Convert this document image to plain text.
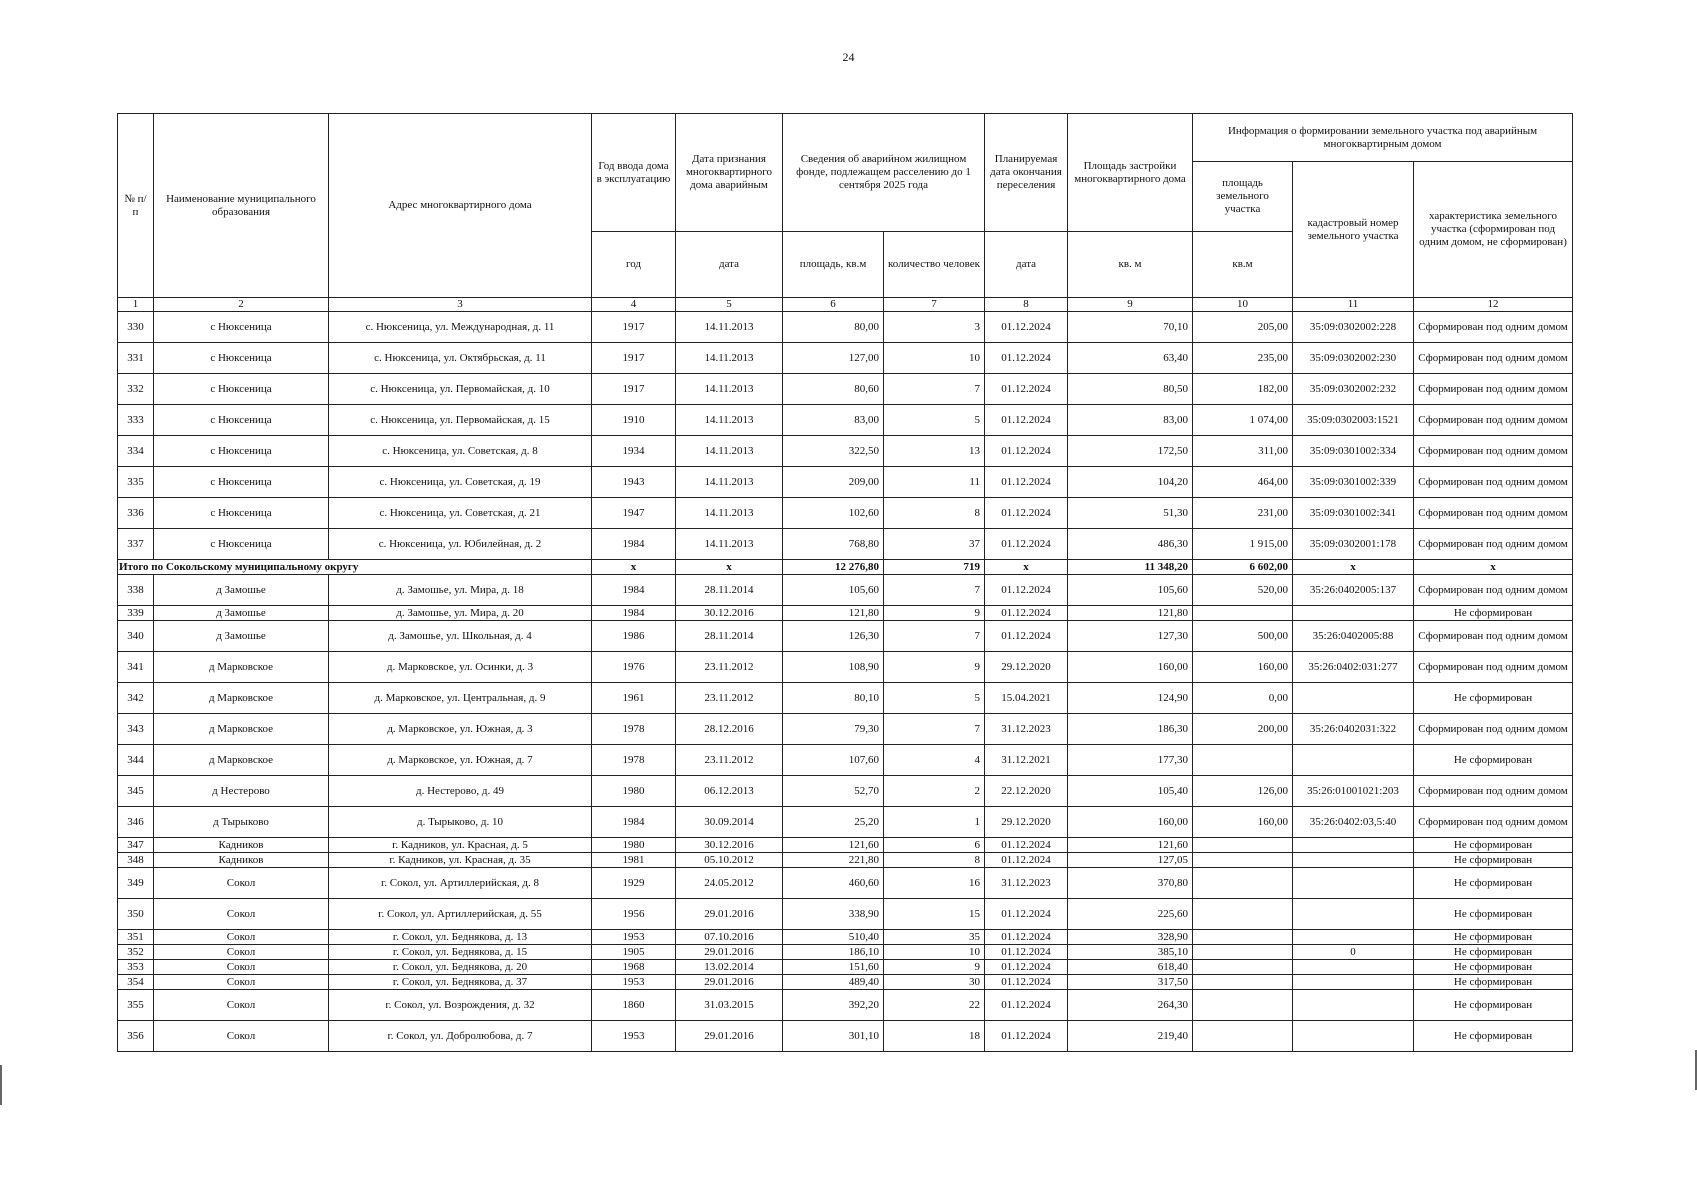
24
№ п/п	Наименование муниципального образования	Адрес многоквартирного дома	Год ввода дома в эксплуатацию	Дата признания многоквартирного дома аварийным	Сведения об аварийном жилищном фонде, подлежащем расселению до 1 сентября 2025 года		Планируемая дата окончания переселения	Площадь застройки многоквартирного дома	Информация о формировании земельного участка под аварийным многоквартирным домом		
									площадь земельного участка	кадастровый номер земельного участка	характеристика земельного участка (сформирован под одним домом, не сформирован)
			год	дата	площадь, кв.м	количество человек	дата	кв. м	кв.м		
1	2	3	4	5	6	7	8	9	10	11	12
330	с Нюксеница	с. Нюксеница, ул. Международная, д. 11	1917	14.11.2013	80,00	3	01.12.2024	70,10	205,00	35:09:0302002:228	Сформирован под одним домом
331	с Нюксеница	с. Нюксеница, ул. Октябрьская, д. 11	1917	14.11.2013	127,00	10	01.12.2024	63,40	235,00	35:09:0302002:230	Сформирован под одним домом
332	с Нюксеница	с. Нюксеница, ул. Первомайская, д. 10	1917	14.11.2013	80,60	7	01.12.2024	80,50	182,00	35:09:0302002:232	Сформирован под одним домом
333	с Нюксеница	с. Нюксеница, ул. Первомайская, д. 15	1910	14.11.2013	83,00	5	01.12.2024	83,00	1 074,00	35:09:0302003:1521	Сформирован под одним домом
334	с Нюксеница	с. Нюксеница, ул. Советская, д. 8	1934	14.11.2013	322,50	13	01.12.2024	172,50	311,00	35:09:0301002:334	Сформирован под одним домом
335	с Нюксеница	с. Нюксеница, ул. Советская, д. 19	1943	14.11.2013	209,00	11	01.12.2024	104,20	464,00	35:09:0301002:339	Сформирован под одним домом
336	с Нюксеница	с. Нюксеница, ул. Советская, д. 21	1947	14.11.2013	102,60	8	01.12.2024	51,30	231,00	35:09:0301002:341	Сформирован под одним домом
337	с Нюксеница	с. Нюксеница, ул. Юбилейная, д. 2	1984	14.11.2013	768,80	37	01.12.2024	486,30	1 915,00	35:09:0302001:178	Сформирован под одним домом
Итого по Сокольскому муниципальному округу			x	x	12 276,80	719	x	11 348,20	6 602,00	x	x
338	д Замошье	д. Замошье, ул. Мира, д. 18	1984	28.11.2014	105,60	7	01.12.2024	105,60	520,00	35:26:0402005:137	Сформирован под одним домом
339	д Замошье	д. Замошье, ул. Мира, д. 20	1984	30.12.2016	121,80	9	01.12.2024	121,80			Не сформирован
340	д Замошье	д. Замошье, ул. Школьная, д. 4	1986	28.11.2014	126,30	7	01.12.2024	127,30	500,00	35:26:0402005:88	Сформирован под одним домом
341	д Марковское	д. Марковское, ул. Осинки, д. 3	1976	23.11.2012	108,90	9	29.12.2020	160,00	160,00	35:26:0402:031:277	Сформирован под одним домом
342	д Марковское	д. Марковское, ул. Центральная, д. 9	1961	23.11.2012	80,10	5	15.04.2021	124,90	0,00		Не сформирован
343	д Марковское	д. Марковское, ул. Южная, д. 3	1978	28.12.2016	79,30	7	31.12.2023	186,30	200,00	35:26:0402031:322	Сформирован под одним домом
344	д Марковское	д. Марковское, ул. Южная, д. 7	1978	23.11.2012	107,60	4	31.12.2021	177,30			Не сформирован
345	д Нестерово	д. Нестерово, д. 49	1980	06.12.2013	52,70	2	22.12.2020	105,40	126,00	35:26:01001021:203	Сформирован под одним домом
346	д Тырыково	д. Тырыково, д. 10	1984	30.09.2014	25,20	1	29.12.2020	160,00	160,00	35:26:0402:03,5:40	Сформирован под одним домом
347	Кадников	г. Кадников, ул. Красная, д. 5	1980	30.12.2016	121,60	6	01.12.2024	121,60			Не сформирован
348	Кадников	г. Кадников, ул. Красная, д. 35	1981	05.10.2012	221,80	8	01.12.2024	127,05			Не сформирован
349	Сокол	г. Сокол, ул. Артиллерийская, д. 8	1929	24.05.2012	460,60	16	31.12.2023	370,80			Не сформирован
350	Сокол	г. Сокол, ул. Артиллерийская, д. 55	1956	29.01.2016	338,90	15	01.12.2024	225,60			Не сформирован
351	Сокол	г. Сокол, ул. Беднякова, д. 13	1953	07.10.2016	510,40	35	01.12.2024	328,90			Не сформирован
352	Сокол	г. Сокол, ул. Беднякова, д. 15	1905	29.01.2016	186,10	10	01.12.2024	385,10		0	Не сформирован
353	Сокол	г. Сокол, ул. Беднякова, д. 20	1968	13.02.2014	151,60	9	01.12.2024	618,40			Не сформирован
354	Сокол	г. Сокол, ул. Беднякова, д. 37	1953	29.01.2016	489,40	30	01.12.2024	317,50			Не сформирован
355	Сокол	г. Сокол, ул. Возрождения, д. 32	1860	31.03.2015	392,20	22	01.12.2024	264,30			Не сформирован
356	Сокол	г. Сокол, ул. Добролюбова, д. 7	1953	29.01.2016	301,10	18	01.12.2024	219,40			Не сформирован
